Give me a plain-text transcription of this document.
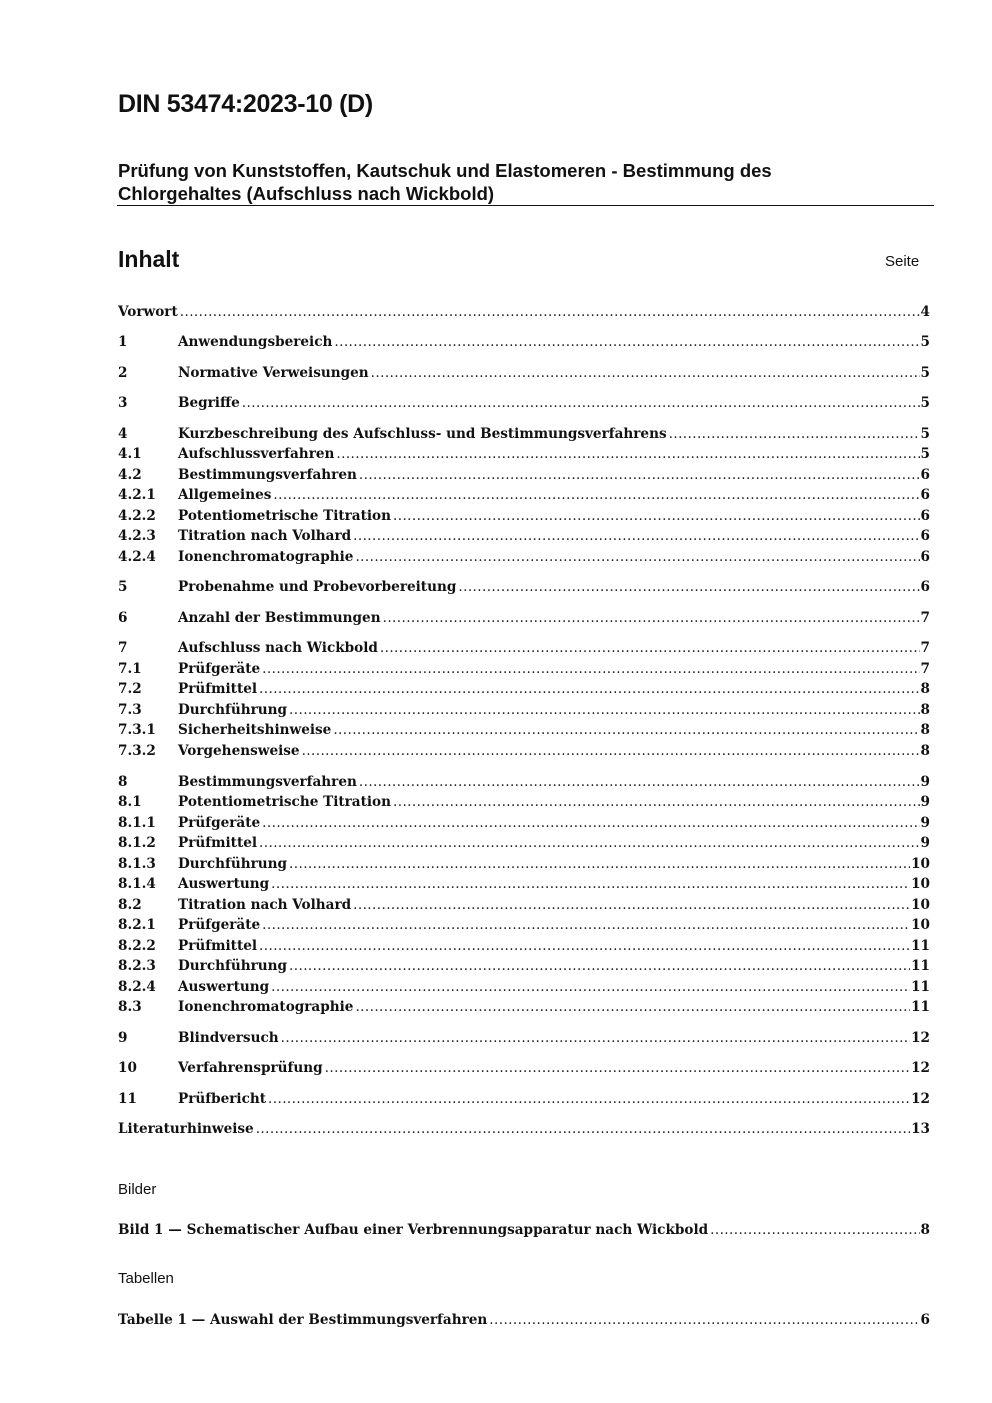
DIN 53474:2023-10 (D)
Prüfung von Kunststoffen, Kautschuk und Elastomeren - Bestimmung des Chlorgehaltes (Aufschluss nach Wickbold)
Inhalt	Seite
Vorwort .....	4
1	Anwendungsbereich .....	5
2	Normative Verweisungen .....	5
3	Begriffe .....	5
4	Kurzbeschreibung des Aufschluss- und Bestimmungsverfahrens .....	5
4.1	Aufschlussverfahren .....	5
4.2	Bestimmungsverfahren .....	6
4.2.1	Allgemeines .....	6
4.2.2	Potentiometrische Titration .....	6
4.2.3	Titration nach Volhard .....	6
4.2.4	Ionenchromatographie .....	6
5	Probenahme und Probevorbereitung .....	6
6	Anzahl der Bestimmungen .....	7
7	Aufschluss nach Wickbold .....	7
7.1	Prüfgeräte .....	7
7.2	Prüfmittel .....	8
7.3	Durchführung .....	8
7.3.1	Sicherheitshinweise .....	8
7.3.2	Vorgehensweise .....	8
8	Bestimmungsverfahren .....	9
8.1	Potentiometrische Titration .....	9
8.1.1	Prüfgeräte .....	9
8.1.2	Prüfmittel .....	9
8.1.3	Durchführung .....	10
8.1.4	Auswertung .....	10
8.2	Titration nach Volhard .....	10
8.2.1	Prüfgeräte .....	10
8.2.2	Prüfmittel .....	11
8.2.3	Durchführung .....	11
8.2.4	Auswertung .....	11
8.3	Ionenchromatographie .....	11
9	Blindversuch .....	12
10	Verfahrensprüfung .....	12
11	Prüfbericht .....	12
Literaturhinweise .....	13
Bilder
Bild 1 — Schematischer Aufbau einer Verbrennungsapparatur nach Wickbold .....	8
Tabellen
Tabelle 1 — Auswahl der Bestimmungsverfahren .....	6
